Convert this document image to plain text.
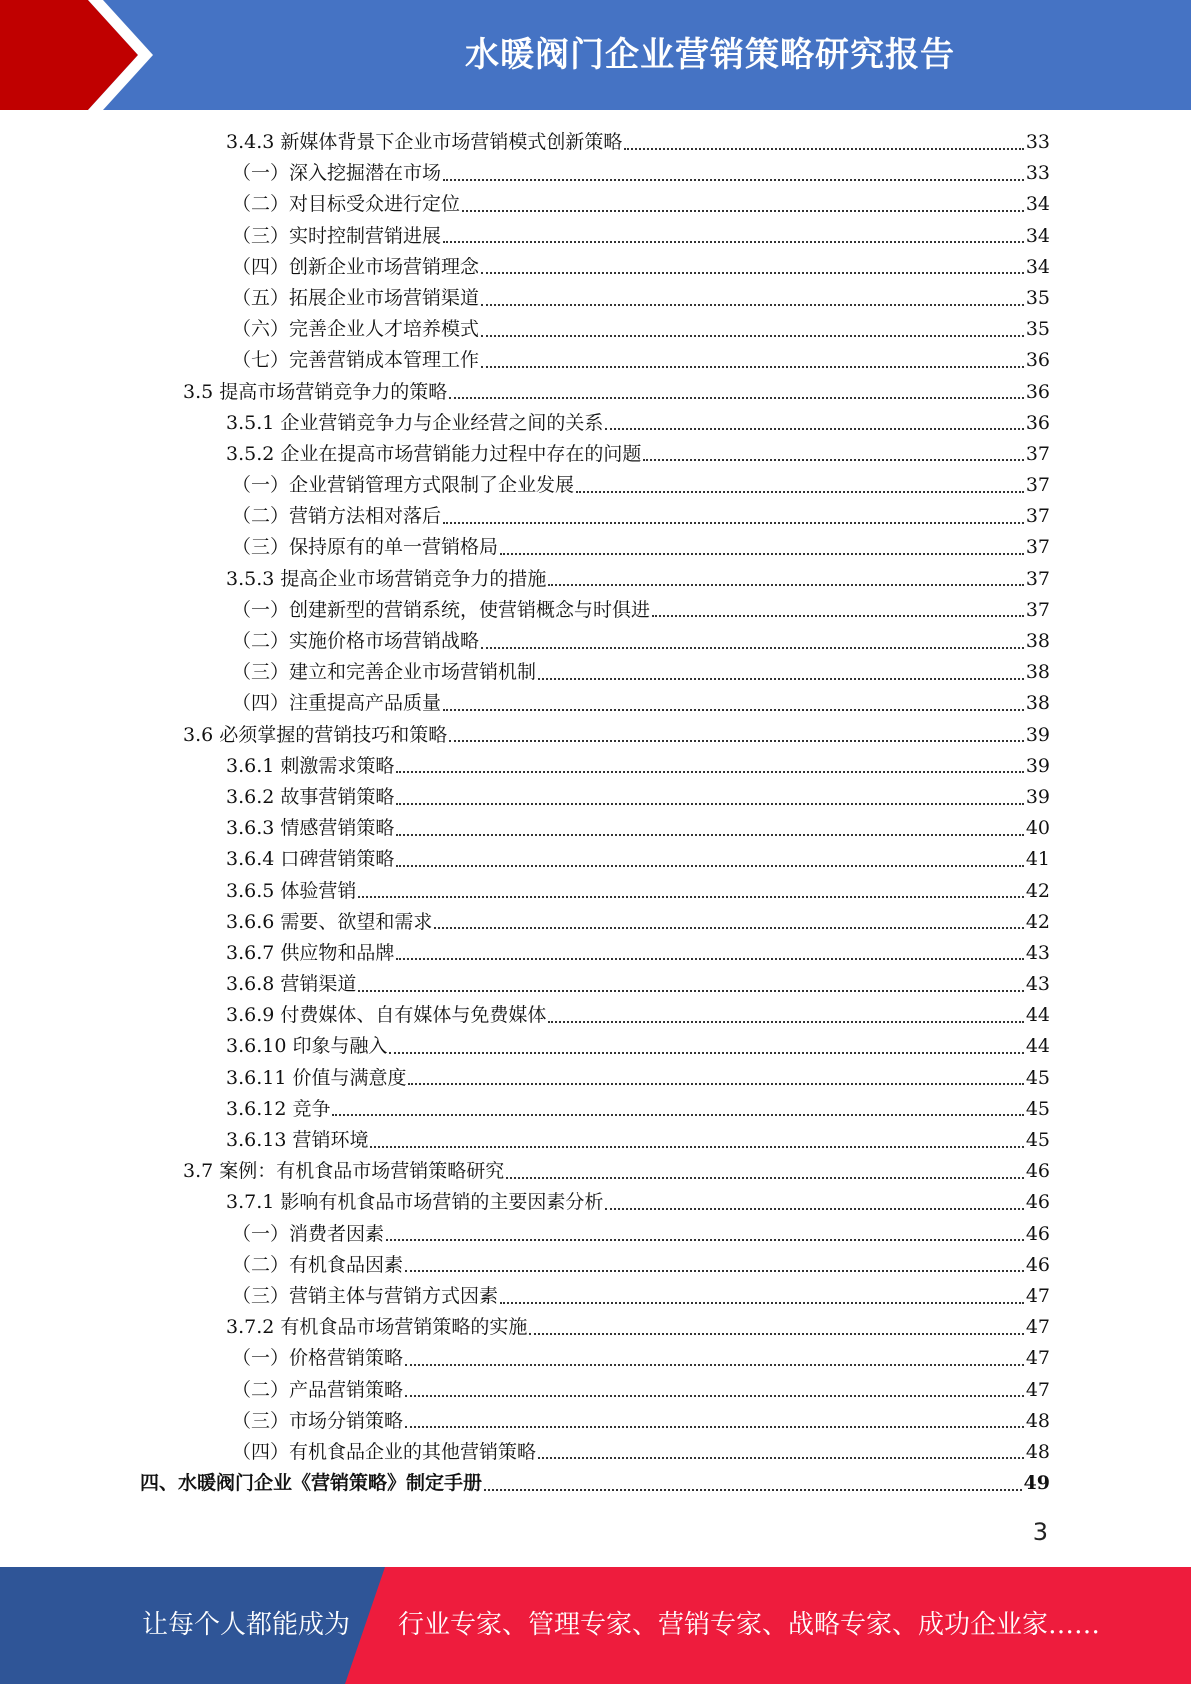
水暖阀门企业营销策略研究报告
3.4.3 新媒体背景下企业市场营销模式创新策略	33
（一）深入挖掘潜在市场	33
（二）对目标受众进行定位	34
（三）实时控制营销进展	34
（四）创新企业市场营销理念	34
（五）拓展企业市场营销渠道	35
（六）完善企业人才培养模式	35
（七）完善营销成本管理工作	36
3.5 提高市场营销竞争力的策略	36
3.5.1 企业营销竞争力与企业经营之间的关系	36
3.5.2 企业在提高市场营销能力过程中存在的问题	37
（一）企业营销管理方式限制了企业发展	37
（二）营销方法相对落后	37
（三）保持原有的单一营销格局	37
3.5.3 提高企业市场营销竞争力的措施	37
（一）创建新型的营销系统，使营销概念与时俱进	37
（二）实施价格市场营销战略	38
（三）建立和完善企业市场营销机制	38
（四）注重提高产品质量	38
3.6 必须掌握的营销技巧和策略	39
3.6.1 刺激需求策略	39
3.6.2 故事营销策略	39
3.6.3 情感营销策略	40
3.6.4 口碑营销策略	41
3.6.5 体验营销	42
3.6.6 需要、欲望和需求	42
3.6.7 供应物和品牌	43
3.6.8 营销渠道	43
3.6.9 付费媒体、自有媒体与免费媒体	44
3.6.10 印象与融入	44
3.6.11 价值与满意度	45
3.6.12 竞争	45
3.6.13 营销环境	45
3.7 案例：有机食品市场营销策略研究	46
3.7.1 影响有机食品市场营销的主要因素分析	46
（一）消费者因素	46
（二）有机食品因素	46
（三）营销主体与营销方式因素	47
3.7.2 有机食品市场营销策略的实施	47
（一）价格营销策略	47
（二）产品营销策略	47
（三）市场分销策略	48
（四）有机食品企业的其他营销策略	48
四、水暖阀门企业《营销策略》制定手册	49
3
让每个人都能成为 行业专家、管理专家、营销专家、战略专家、成功企业家……
